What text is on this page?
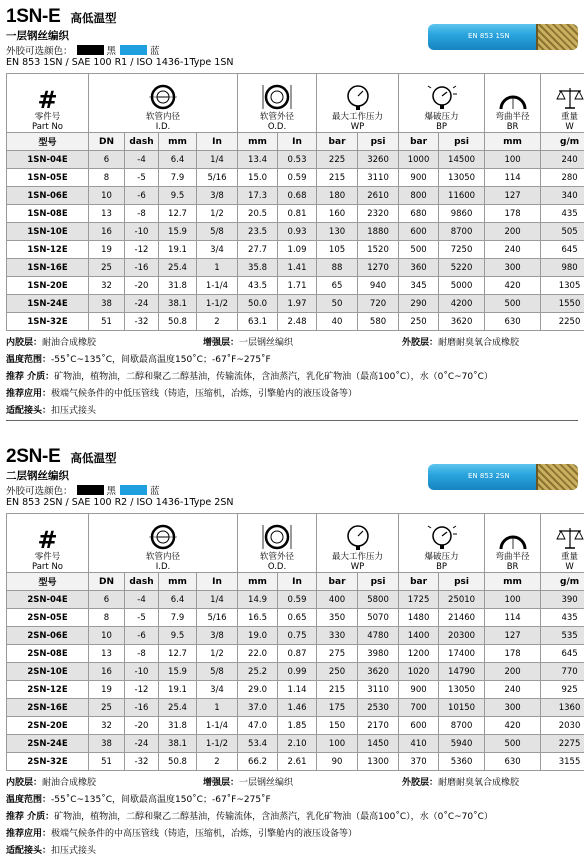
1SN-E 高低温型
一层钢丝编织
外胶可选颜色：	黑	蓝
EN 853 1SN / SAE 100 R1 / ISO 1436-1Type 1SN
EN 853 1SN
#
零件号
Part No	软管内径
I.D.				软管外径
O.D.		最大工作压力
WP		爆破压力
BP		弯曲半径
BR	重量
W

型号	DN	dash	mm	In	mm	In	bar	psi	bar	psi	mm	g/m
1SN-04E	6	-4	6.4	1/4	13.4	0.53	225	3260	1000	14500	100	240
1SN-05E	8	-5	7.9	5/16	15.0	0.59	215	3110	900	13050	114	280
1SN-06E	10	-6	9.5	3/8	17.3	0.68	180	2610	800	11600	127	340
1SN-08E	13	-8	12.7	1/2	20.5	0.81	160	2320	680	9860	178	435
1SN-10E	16	-10	15.9	5/8	23.5	0.93	130	1880	600	8700	200	505
1SN-12E	19	-12	19.1	3/4	27.7	1.09	105	1520	500	7250	240	645
1SN-16E	25	-16	25.4	1	35.8	1.41	88	1270	360	5220	300	980
1SN-20E	32	-20	31.8	1-1/4	43.5	1.71	65	940	345	5000	420	1305
1SN-24E	38	-24	38.1	1-1/2	50.0	1.97	50	720	290	4200	500	1550
1SN-32E	51	-32	50.8	2	63.1	2.48	40	580	250	3620	630	2250
内胶层：耐油合成橡胶	增强层：一层钢丝编织	外胶层：耐磨耐臭氧合成橡胶
温度范围：-55˚C~135˚C，间歇最高温度150˚C；-67˚F~275˚F
推荐 介质：矿物油，植物油，二醇和聚乙二醇基油，传输流体，含油蒸汽，乳化矿物油（最高100˚C），水（0˚C~70˚C）
推荐应用：极端气候条件的中低压管线（铸造，压缩机，冶炼，引擎舱内的液压设备等）
适配接头：扣压式接头
2SN-E 高低温型
二层钢丝编织
外胶可选颜色：	黑	蓝
EN 853 2SN / SAE 100 R2 / ISO 1436-1Type 2SN
EN 853 2SN
#
零件号
Part No	软管内径
I.D.				软管外径
O.D.		最大工作压力
WP		爆破压力
BP		弯曲半径
BR	重量
W

型号	DN	dash	mm	In	mm	In	bar	psi	bar	psi	mm	g/m
2SN-04E	6	-4	6.4	1/4	14.9	0.59	400	5800	1725	25010	100	390
2SN-05E	8	-5	7.9	5/16	16.5	0.65	350	5070	1480	21460	114	435
2SN-06E	10	-6	9.5	3/8	19.0	0.75	330	4780	1400	20300	127	535
2SN-08E	13	-8	12.7	1/2	22.0	0.87	275	3980	1200	17400	178	645
2SN-10E	16	-10	15.9	5/8	25.2	0.99	250	3620	1020	14790	200	770
2SN-12E	19	-12	19.1	3/4	29.0	1.14	215	3110	900	13050	240	925
2SN-16E	25	-16	25.4	1	37.0	1.46	175	2530	700	10150	300	1360
2SN-20E	32	-20	31.8	1-1/4	47.0	1.85	150	2170	600	8700	420	2030
2SN-24E	38	-24	38.1	1-1/2	53.4	2.10	100	1450	410	5940	500	2275
2SN-32E	51	-32	50.8	2	66.2	2.61	90	1300	370	5360	630	3155
内胶层：耐油合成橡胶	增强层：一层钢丝编织	外胶层：耐磨耐臭氧合成橡胶
温度范围：-55˚C~135˚C，间歇最高温度150˚C；-67˚F~275˚F
推荐 介质：矿物油，植物油，二醇和聚乙二醇基油，传输流体，含油蒸汽，乳化矿物油（最高100˚C），水（0˚C~70˚C）
推荐应用：极端气候条件的中高压管线（铸造，压缩机，冶炼，引擎舱内的液压设备等）
适配接头：扣压式接头
